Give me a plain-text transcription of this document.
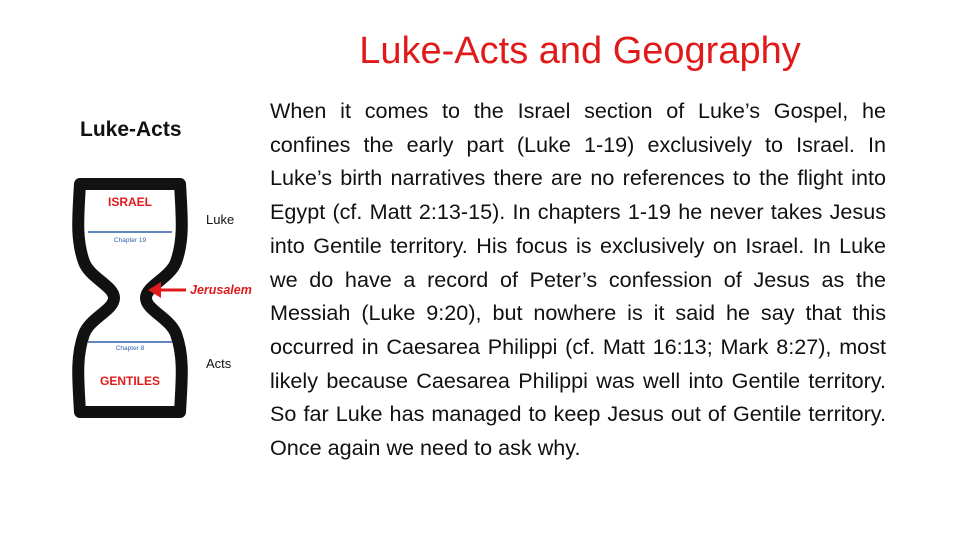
Luke-Acts and Geography
Luke-Acts
ISRAEL
Chapter 19
Chapter 8
GENTILES
Luke
Acts
Jerusalem

When it comes to the Israel section of Luke’s Gospel, he confines the early part (Luke 1-19) exclusively to Israel. In Luke’s birth narratives there are no references to the flight into Egypt (cf. Matt 2:13-15). In chapters 1-19 he never takes Jesus into Gentile territory. His focus is exclusively on Israel. In Luke we do have a record of Peter’s confession of Jesus as the Messiah (Luke 9:20), but nowhere is it said he say that this occurred in Caesarea Philippi (cf. Matt 16:13; Mark 8:27), most likely because Caesarea Philippi was well into Gentile territory. So far Luke has managed to keep Jesus out of Gentile territory. Once again we need to ask why.
